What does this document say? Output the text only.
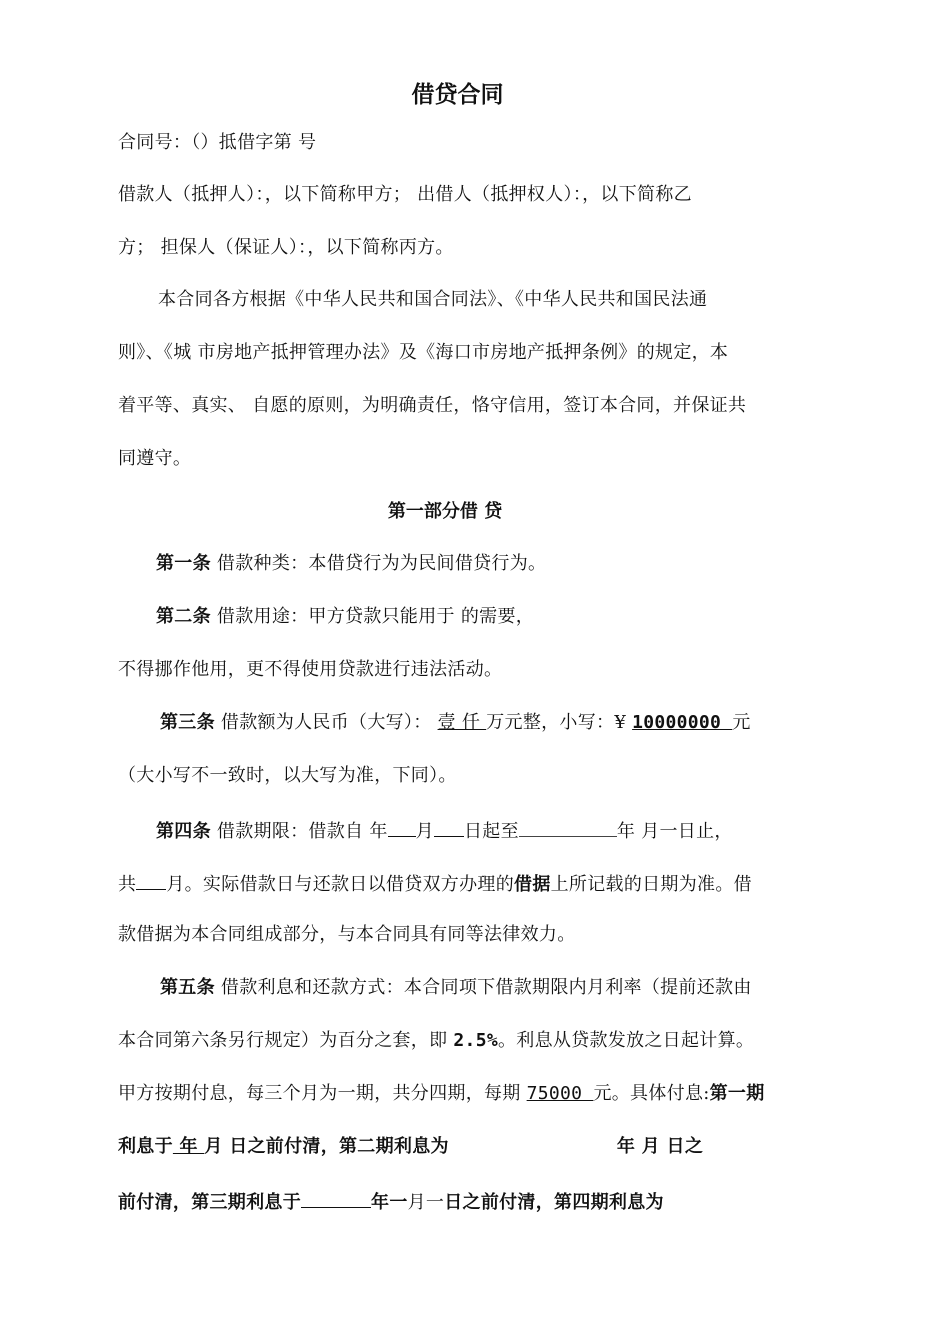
借贷合同
合同号：（）抵借字第 号
借款人（抵押人）：，以下简称甲方； 出借人（抵押权人）：，以下简称乙
方； 担保人（保证人）：，以下简称丙方。
本合同各方根据《中华人民共和国合同法》、《中华人民共和国民法通
则》、《城 市房地产抵押管理办法》及《海口市房地产抵押条例》的规定，本
着平等、真实、 自愿的原则，为明确责任，恪守信用，签订本合同，并保证共
同遵守。
第一部分借 贷
第一条 借款种类：本借贷行为为民间借贷行为。
第二条 借款用途：甲方贷款只能用于 的需要，
不得挪作他用，更不得使用贷款进行违法活动。
第三条 借款额为人民币（大写）： 壹 仟 万元整，小写：¥ 10000000 元
（大小写不一致时，以大写为准，下同）。
第四条 借款期限：借款自 年 月 日起至	年 月一日止，
共 月。实际借款日与还款日以借贷双方办理的借据上所记载的日期为准。借
款借据为本合同组成部分，与本合同具有同等法律效力。
第五条 借款利息和还款方式：本合同项下借款期限内月利率（提前还款由
本合同第六条另行规定）为百分之套，即 2.5%。利息从贷款发放之日起计算。
甲方按期付息，每三个月为一期，共分四期，每期 75000 元。具体付息:第一期
利息于 年 月 日之前付清，第二期利息为	年 月 日之
前付清，第三期利息于	年一月一日之前付清，第四期利息为
